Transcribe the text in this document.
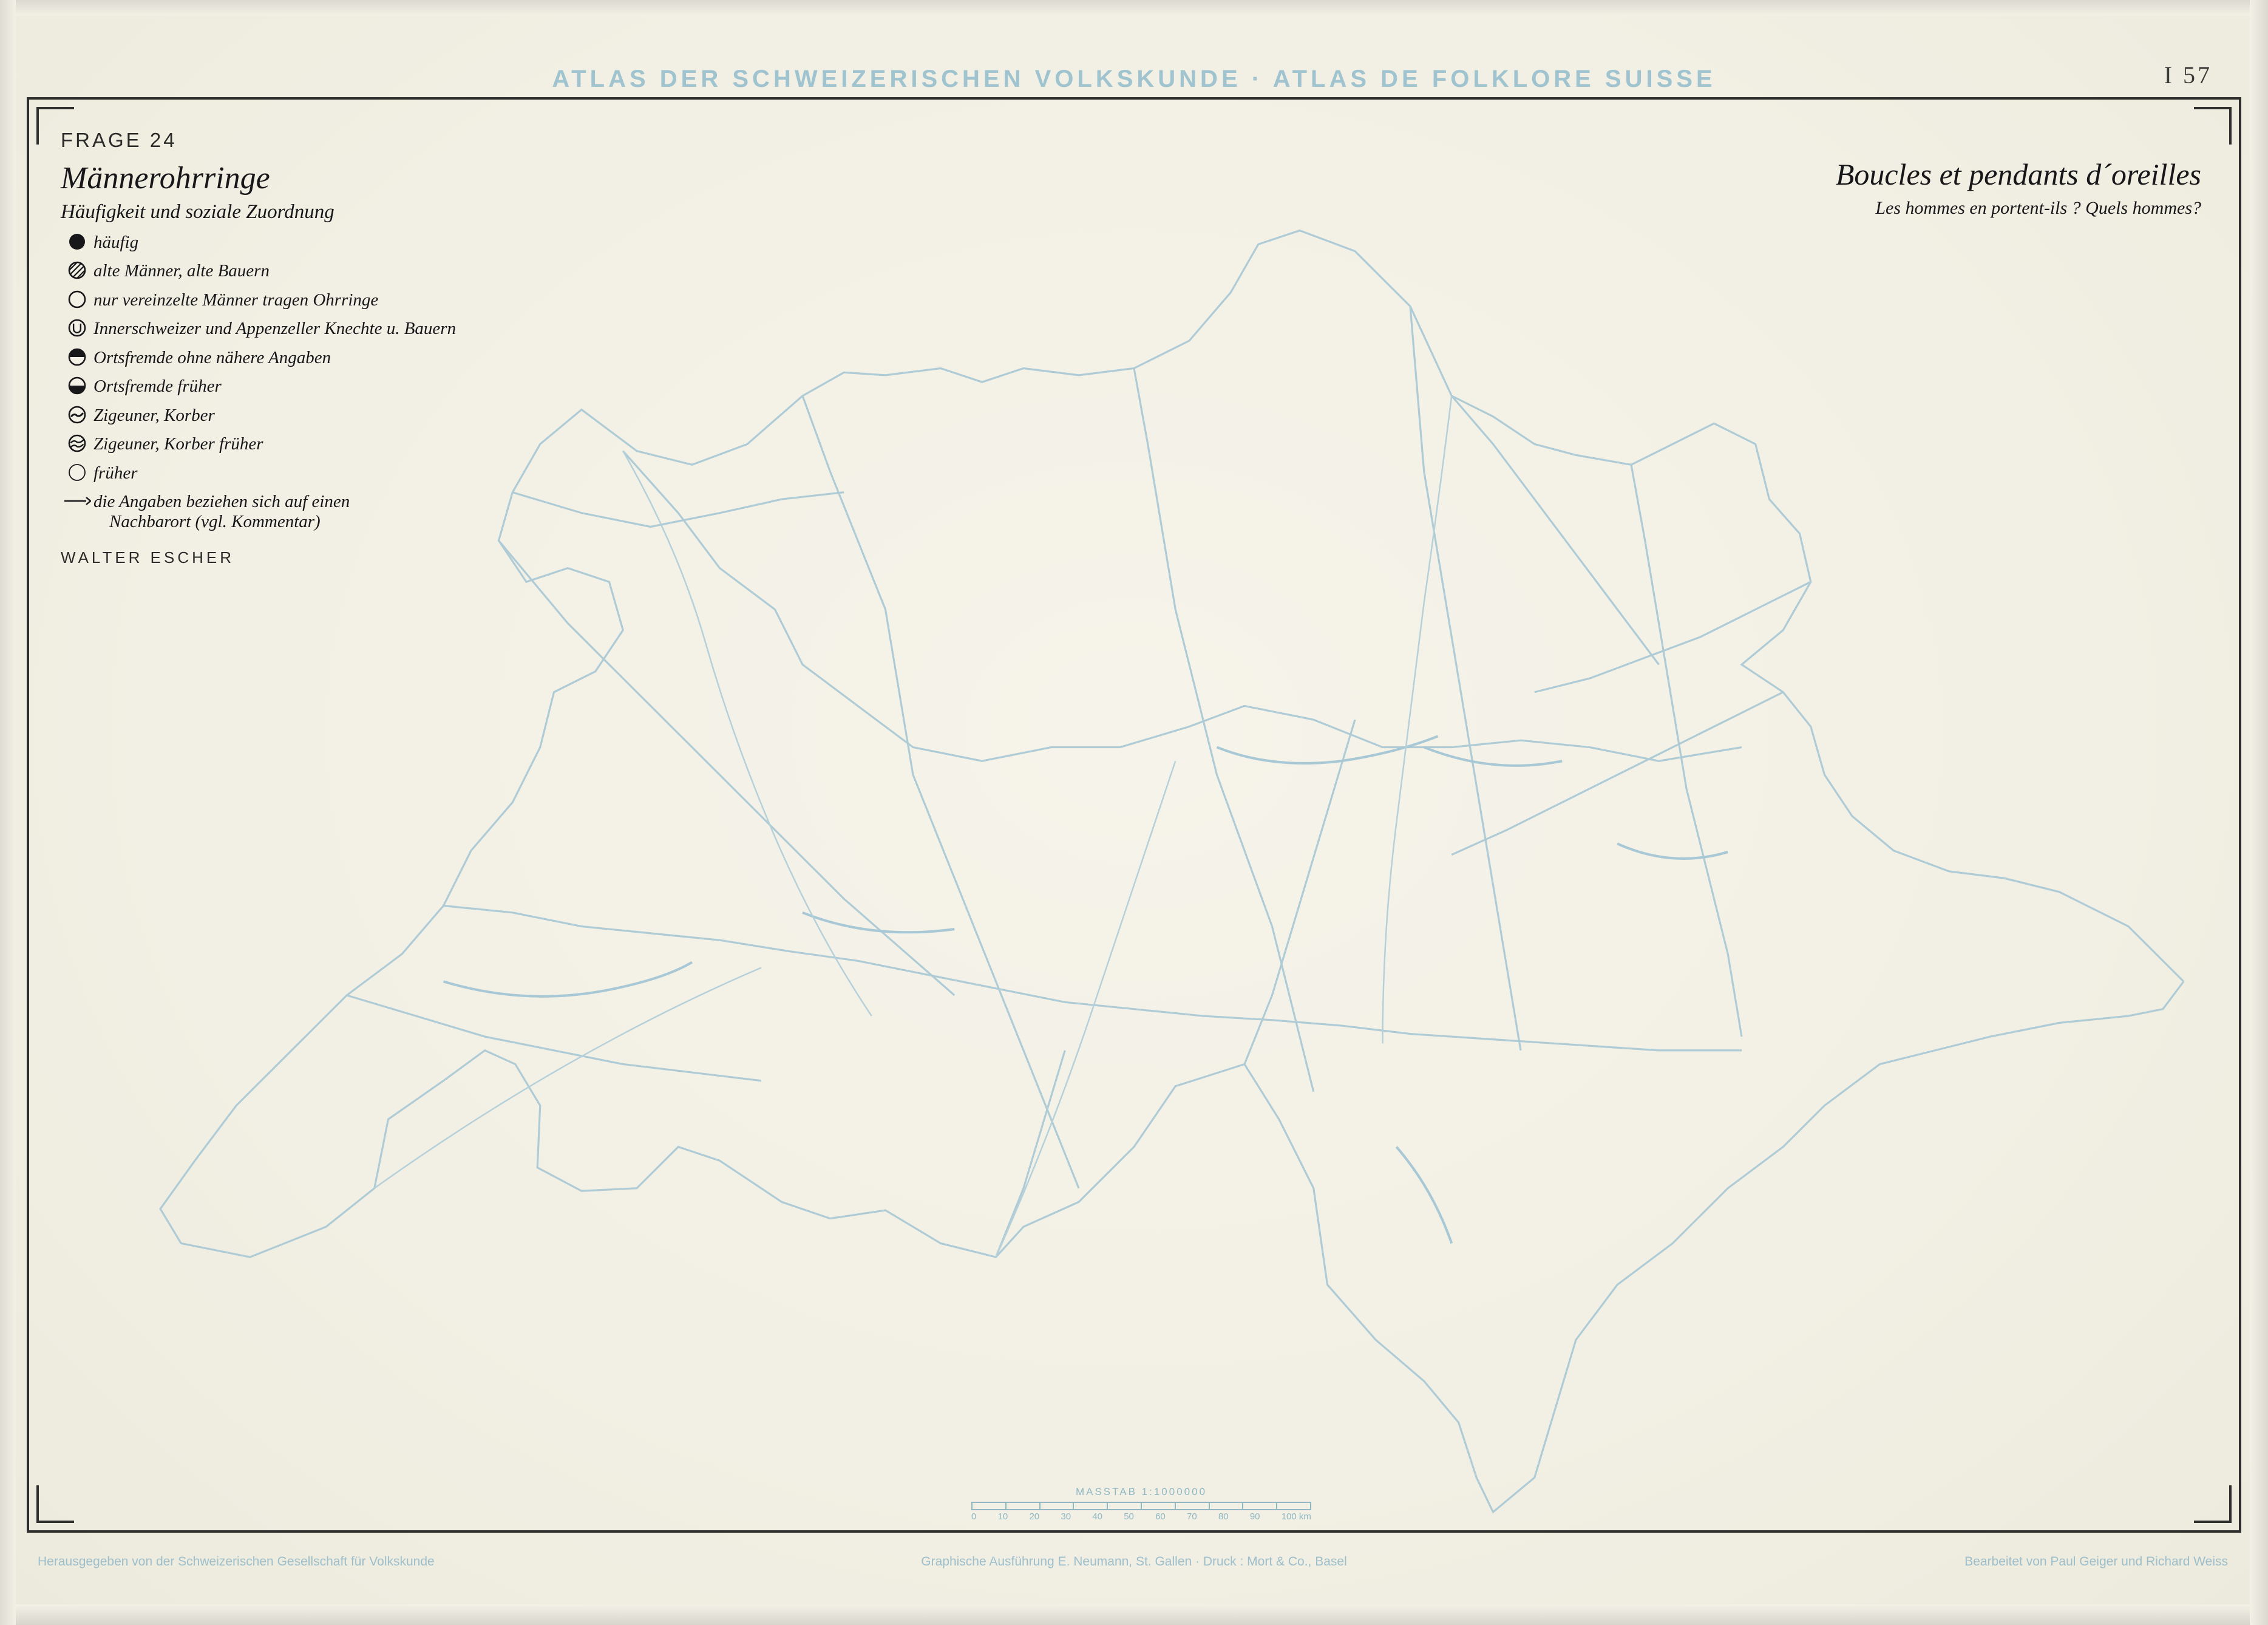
ATLAS DER SCHWEIZERISCHEN VOLKSKUNDE · ATLAS DE FOLKLORE SUISSE	I 57
FRAGE 24
Männerohrringe
Häufigkeit und soziale Zuordnung
häufig
alte Männer, alte Bauern
nur vereinzelte Männer tragen Ohrringe
Innerschweizer und Appenzeller Knechte u. Bauern
Ortsfremde ohne nähere Angaben
Ortsfremde früher
Zigeuner, Korber
Zigeuner, Korber früher
früher
die Angaben beziehen sich auf einen
Nachbarort (vgl. Kommentar)
WALTER ESCHER
Boucles et pendants d´oreilles
Les hommes en portent-ils ? Quels hommes?
MASSTAB 1:1000000
0 10 20 30 40 50 60 70 80 90 100 km
Herausgegeben von der Schweizerischen Gesellschaft für Volkskunde	Graphische Ausführung E. Neumann, St. Gallen · Druck : Mort & Co., Basel	Bearbeitet von Paul Geiger und Richard Weiss
